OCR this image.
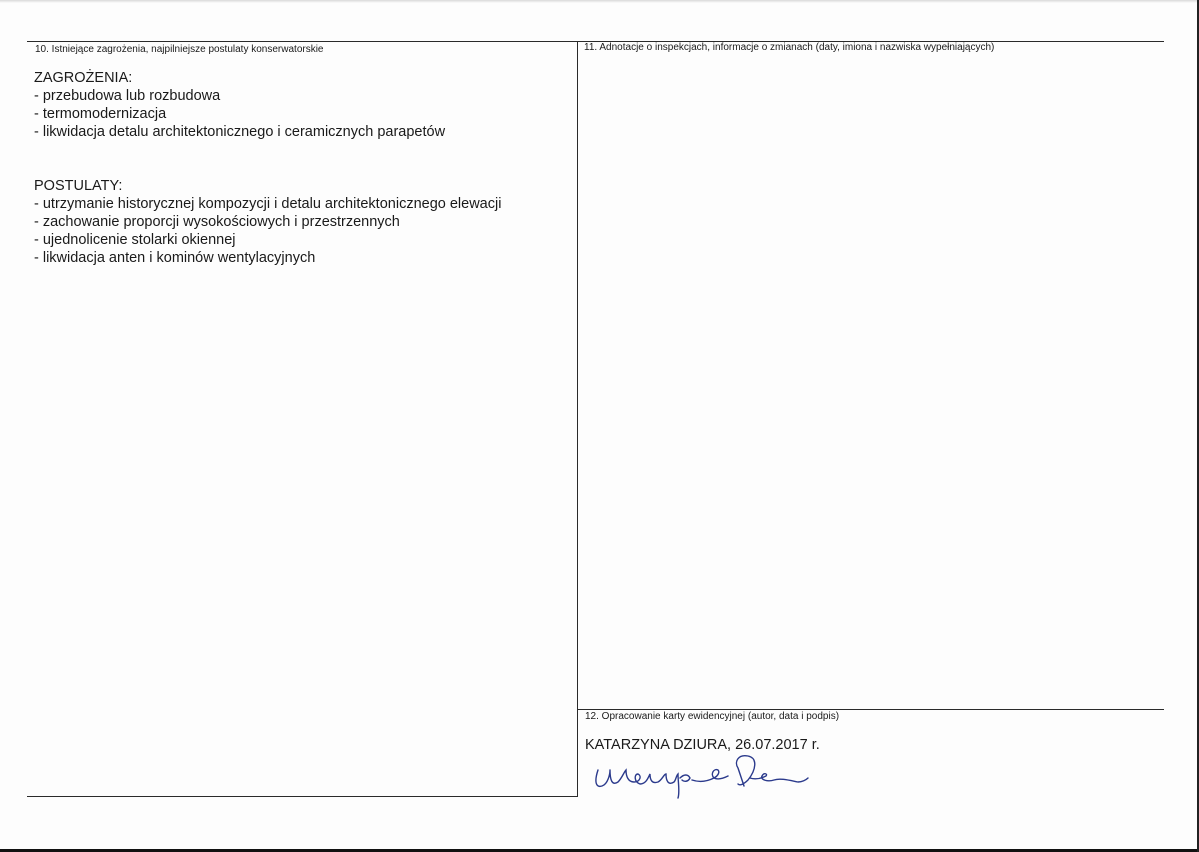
10. Istniejące zagrożenia, najpilniejsze postulaty konserwatorskie
ZAGROŻENIA:
- przebudowa lub rozbudowa
- termomodernizacja
- likwidacja detalu architektonicznego i ceramicznych parapetów
POSTULATY:
- utrzymanie historycznej kompozycji i detalu architektonicznego elewacji
- zachowanie proporcji wysokościowych i przestrzennych
- ujednolicenie stolarki okiennej
- likwidacja anten i kominów wentylacyjnych
11. Adnotacje o inspekcjach, informacje o zmianach (daty, imiona i nazwiska wypełniających)
12. Opracowanie karty ewidencyjnej (autor, data i podpis)
KATARZYNA DZIURA, 26.07.2017 r.
